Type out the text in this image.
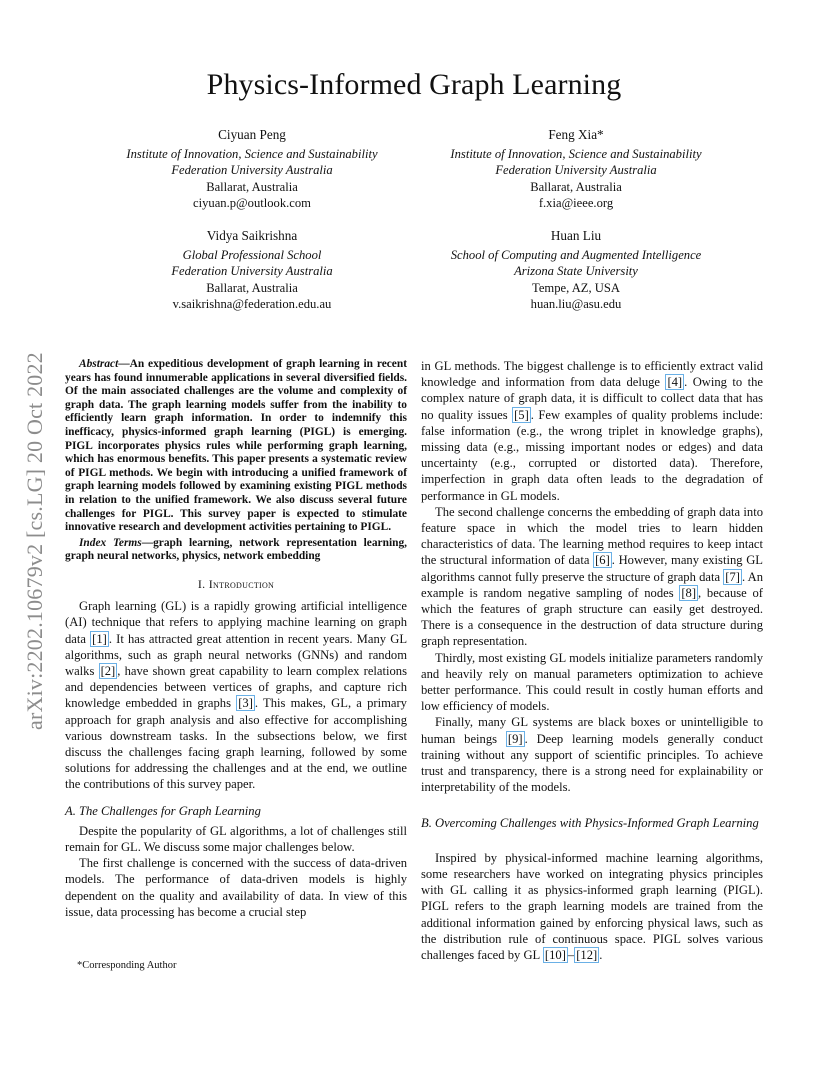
Physics-Informed Graph Learning
arXiv:2202.10679v2 [cs.LG] 20 Oct 2022
Ciyuan Peng
Institute of Innovation, Science and Sustainability
Federation University Australia
Ballarat, Australia
ciyuan.p@outlook.com
Feng Xia*
Institute of Innovation, Science and Sustainability
Federation University Australia
Ballarat, Australia
f.xia@ieee.org
Vidya Saikrishna
Global Professional School
Federation University Australia
Ballarat, Australia
v.saikrishna@federation.edu.au
Huan Liu
School of Computing and Augmented Intelligence
Arizona State University
Tempe, AZ, USA
huan.liu@asu.edu

Abstract—An expeditious development of graph learning in recent years has found innumerable applications in several diversified fields. Of the main associated challenges are the volume and complexity of graph data. The graph learning models suffer from the inability to efficiently learn graph information. In order to indemnify this inefficacy, physics-informed graph learning (PIGL) is emerging. PIGL incorporates physics rules while performing graph learning, which has enormous benefits. This paper presents a systematic review of PIGL methods. We begin with introducing a unified framework of graph learning models followed by examining existing PIGL methods in relation to the unified framework. We also discuss several future challenges for PIGL. This survey paper is expected to stimulate innovative research and development activities pertaining to PIGL.

Index Terms—graph learning, network representation learning, graph neural networks, physics, network embedding

I. Introduction

Graph learning (GL) is a rapidly growing artificial intelligence (AI) technique that refers to applying machine learning on graph data [1] . It has attracted great attention in recent years. Many GL algorithms, such as graph neural networks (GNNs) and random walks [2] , have shown great capability to learn complex relations and dependencies between vertices of graphs, and capture rich knowledge embedded in graphs [3] . This makes, GL, a primary approach for graph analysis and also effective for accomplishing various downstream tasks. In the subsections below, we first discuss the challenges facing graph learning, followed by some solutions for addressing the challenges and at the end, we outline the contributions of this survey paper.

A. The Challenges for Graph Learning

Despite the popularity of GL algorithms, a lot of challenges still remain for GL. We discuss some major challenges below.

The first challenge is concerned with the success of data-driven models. The performance of data-driven models is highly dependent on the quality and availability of data. In view of this issue, data processing has become a crucial step

*Corresponding Author

in GL methods. The biggest challenge is to efficiently extract valid knowledge and information from data deluge [4] . Owing to the complex nature of graph data, it is difficult to collect data that has no quality issues [5] . Few examples of quality problems include: false information (e.g., the wrong triplet in knowledge graphs), missing data (e.g., missing important nodes or edges) and data uncertainty (e.g., corrupted or distorted data). Therefore, imperfection in graph data often leads to the degradation of performance in GL models.

The second challenge concerns the embedding of graph data into feature space in which the model tries to learn hidden characteristics of data. The learning method requires to keep intact the structural information of data [6] . However, many existing GL algorithms cannot fully preserve the structure of graph data [7] . An example is random negative sampling of nodes [8] , because of which the features of graph structure can easily get destroyed. There is a consequence in the destruction of data structure during graph representation.

Thirdly, most existing GL models initialize parameters randomly and heavily rely on manual parameters optimization to achieve better performance. This could result in costly human efforts and low efficiency of models.

Finally, many GL systems are black boxes or unintelligible to human beings [9] . Deep learning models generally conduct training without any support of scientific principles. To achieve trust and transparency, there is a strong need for explainability or interpretability of the models.

B. Overcoming Challenges with Physics-Informed Graph Learning

Inspired by physical-informed machine learning algorithms, some researchers have worked on integrating physics principles with GL calling it as physics-informed graph learning (PIGL). PIGL refers to the graph learning models are trained from the additional information gained by enforcing physical laws, such as the distribution rule of continuous space. PIGL solves various challenges faced by GL [10] – [12] .
